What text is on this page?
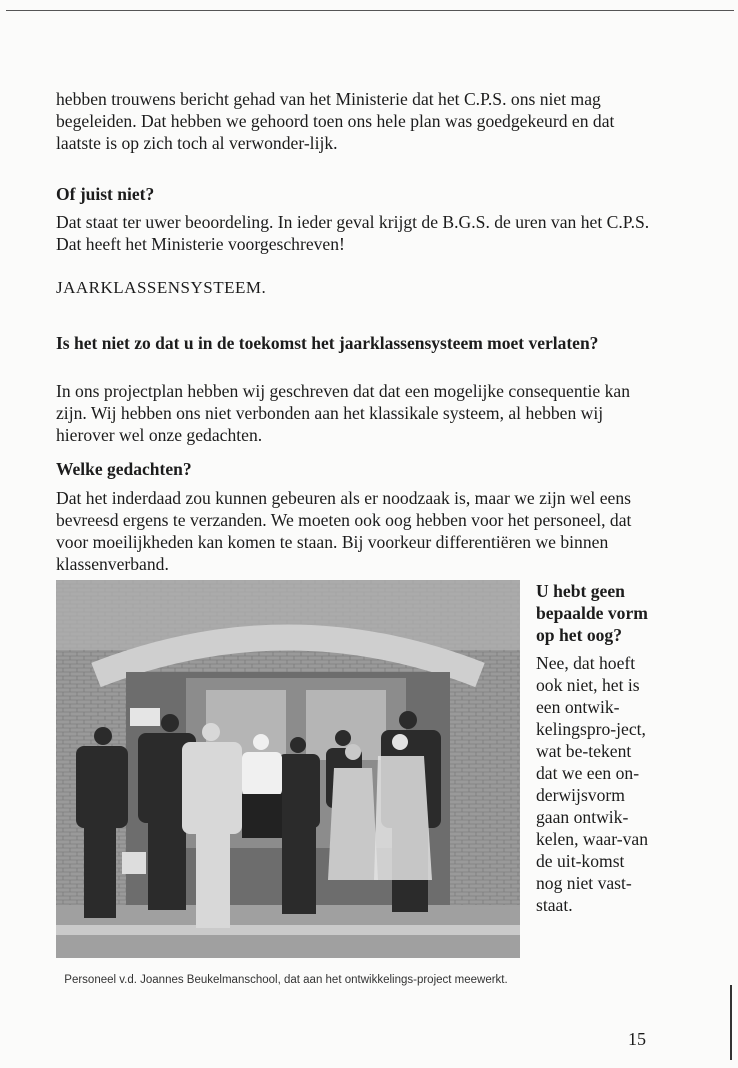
hebben trouwens bericht gehad van het Ministerie dat het C.P.S. ons niet mag begeleiden. Dat hebben we gehoord toen ons hele plan was goedgekeurd en dat laatste is op zich toch al verwonder-lijk.

Of juist niet?

Dat staat ter uwer beoordeling. In ieder geval krijgt de B.G.S. de uren van het C.P.S. Dat heeft het Ministerie voorgeschreven!

JAARKLASSENSYSTEEM.

Is het niet zo dat u in de toekomst het jaarklassensysteem moet verlaten?

In ons projectplan hebben wij geschreven dat dat een mogelijke consequentie kan zijn. Wij hebben ons niet verbonden aan het klassikale systeem, al hebben wij hierover wel onze gedachten.

Welke gedachten?

Dat het inderdaad zou kunnen gebeuren als er noodzaak is, maar we zijn wel eens bevreesd ergens te verzanden. We moeten ook oog hebben voor het personeel, dat voor moeilijkheden kan komen te staan. Bij voorkeur differentiëren we binnen klassenverband.

Personeel v.d. Joannes Beukelmanschool, dat aan het ontwikkelings-project meewerkt.

U hebt geen bepaalde vorm op het oog?

Nee, dat hoeft ook niet, het is een ontwik-kelingspro-ject, wat be-tekent dat we een on-derwijsvorm gaan ontwik-kelen, waar-van de uit-komst nog niet vast-staat.

15
